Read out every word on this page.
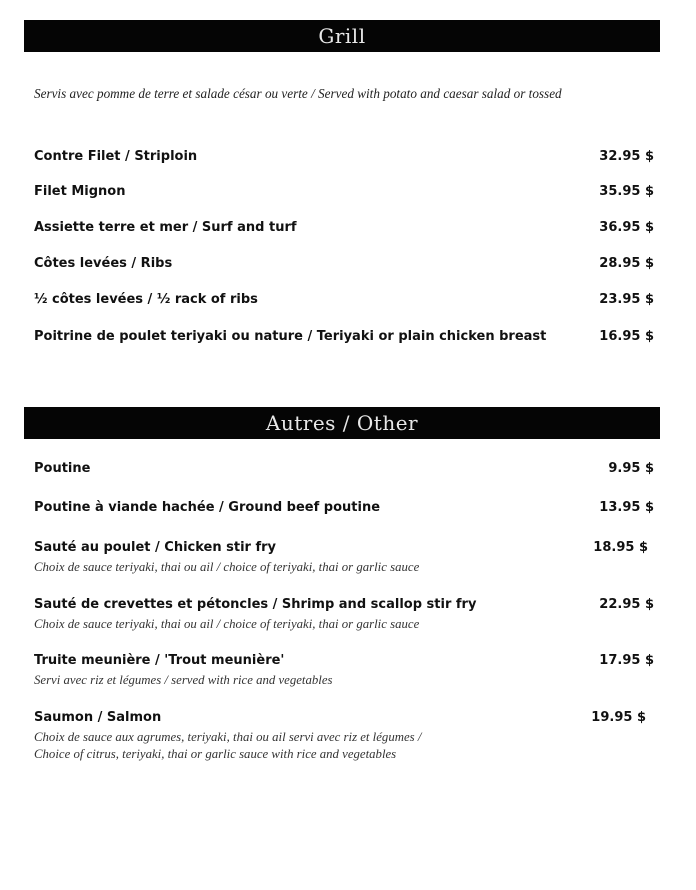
Grill
Servis avec pomme de terre et salade césar ou verte / Served with potato and caesar salad or tossed
Contre Filet / Striploin	32.95 $
Filet Mignon	35.95 $
Assiette terre et mer / Surf and turf	36.95 $
Côtes levées / Ribs	28.95 $
½ côtes levées / ½ rack of ribs	23.95 $
Poitrine de poulet teriyaki ou nature / Teriyaki or plain chicken breast	16.95 $
Autres / Other
Poutine	9.95 $
Poutine à viande hachée / Ground beef poutine	13.95 $
Sauté au poulet / Chicken stir fry	18.95 $
Choix de sauce teriyaki, thai ou ail / choice of teriyaki, thai or garlic sauce
Sauté de crevettes et pétoncles / Shrimp and scallop stir fry	22.95 $
Choix de sauce teriyaki, thai ou ail / choice of teriyaki, thai or garlic sauce
Truite meunière / 'Trout meunière'	17.95 $
Servi avec riz et légumes / served with rice and vegetables
Saumon / Salmon	19.95 $
Choix de sauce aux agrumes, teriyaki, thai ou ail servi avec riz et légumes /
Choice of citrus, teriyaki, thai or garlic sauce with rice and vegetables
